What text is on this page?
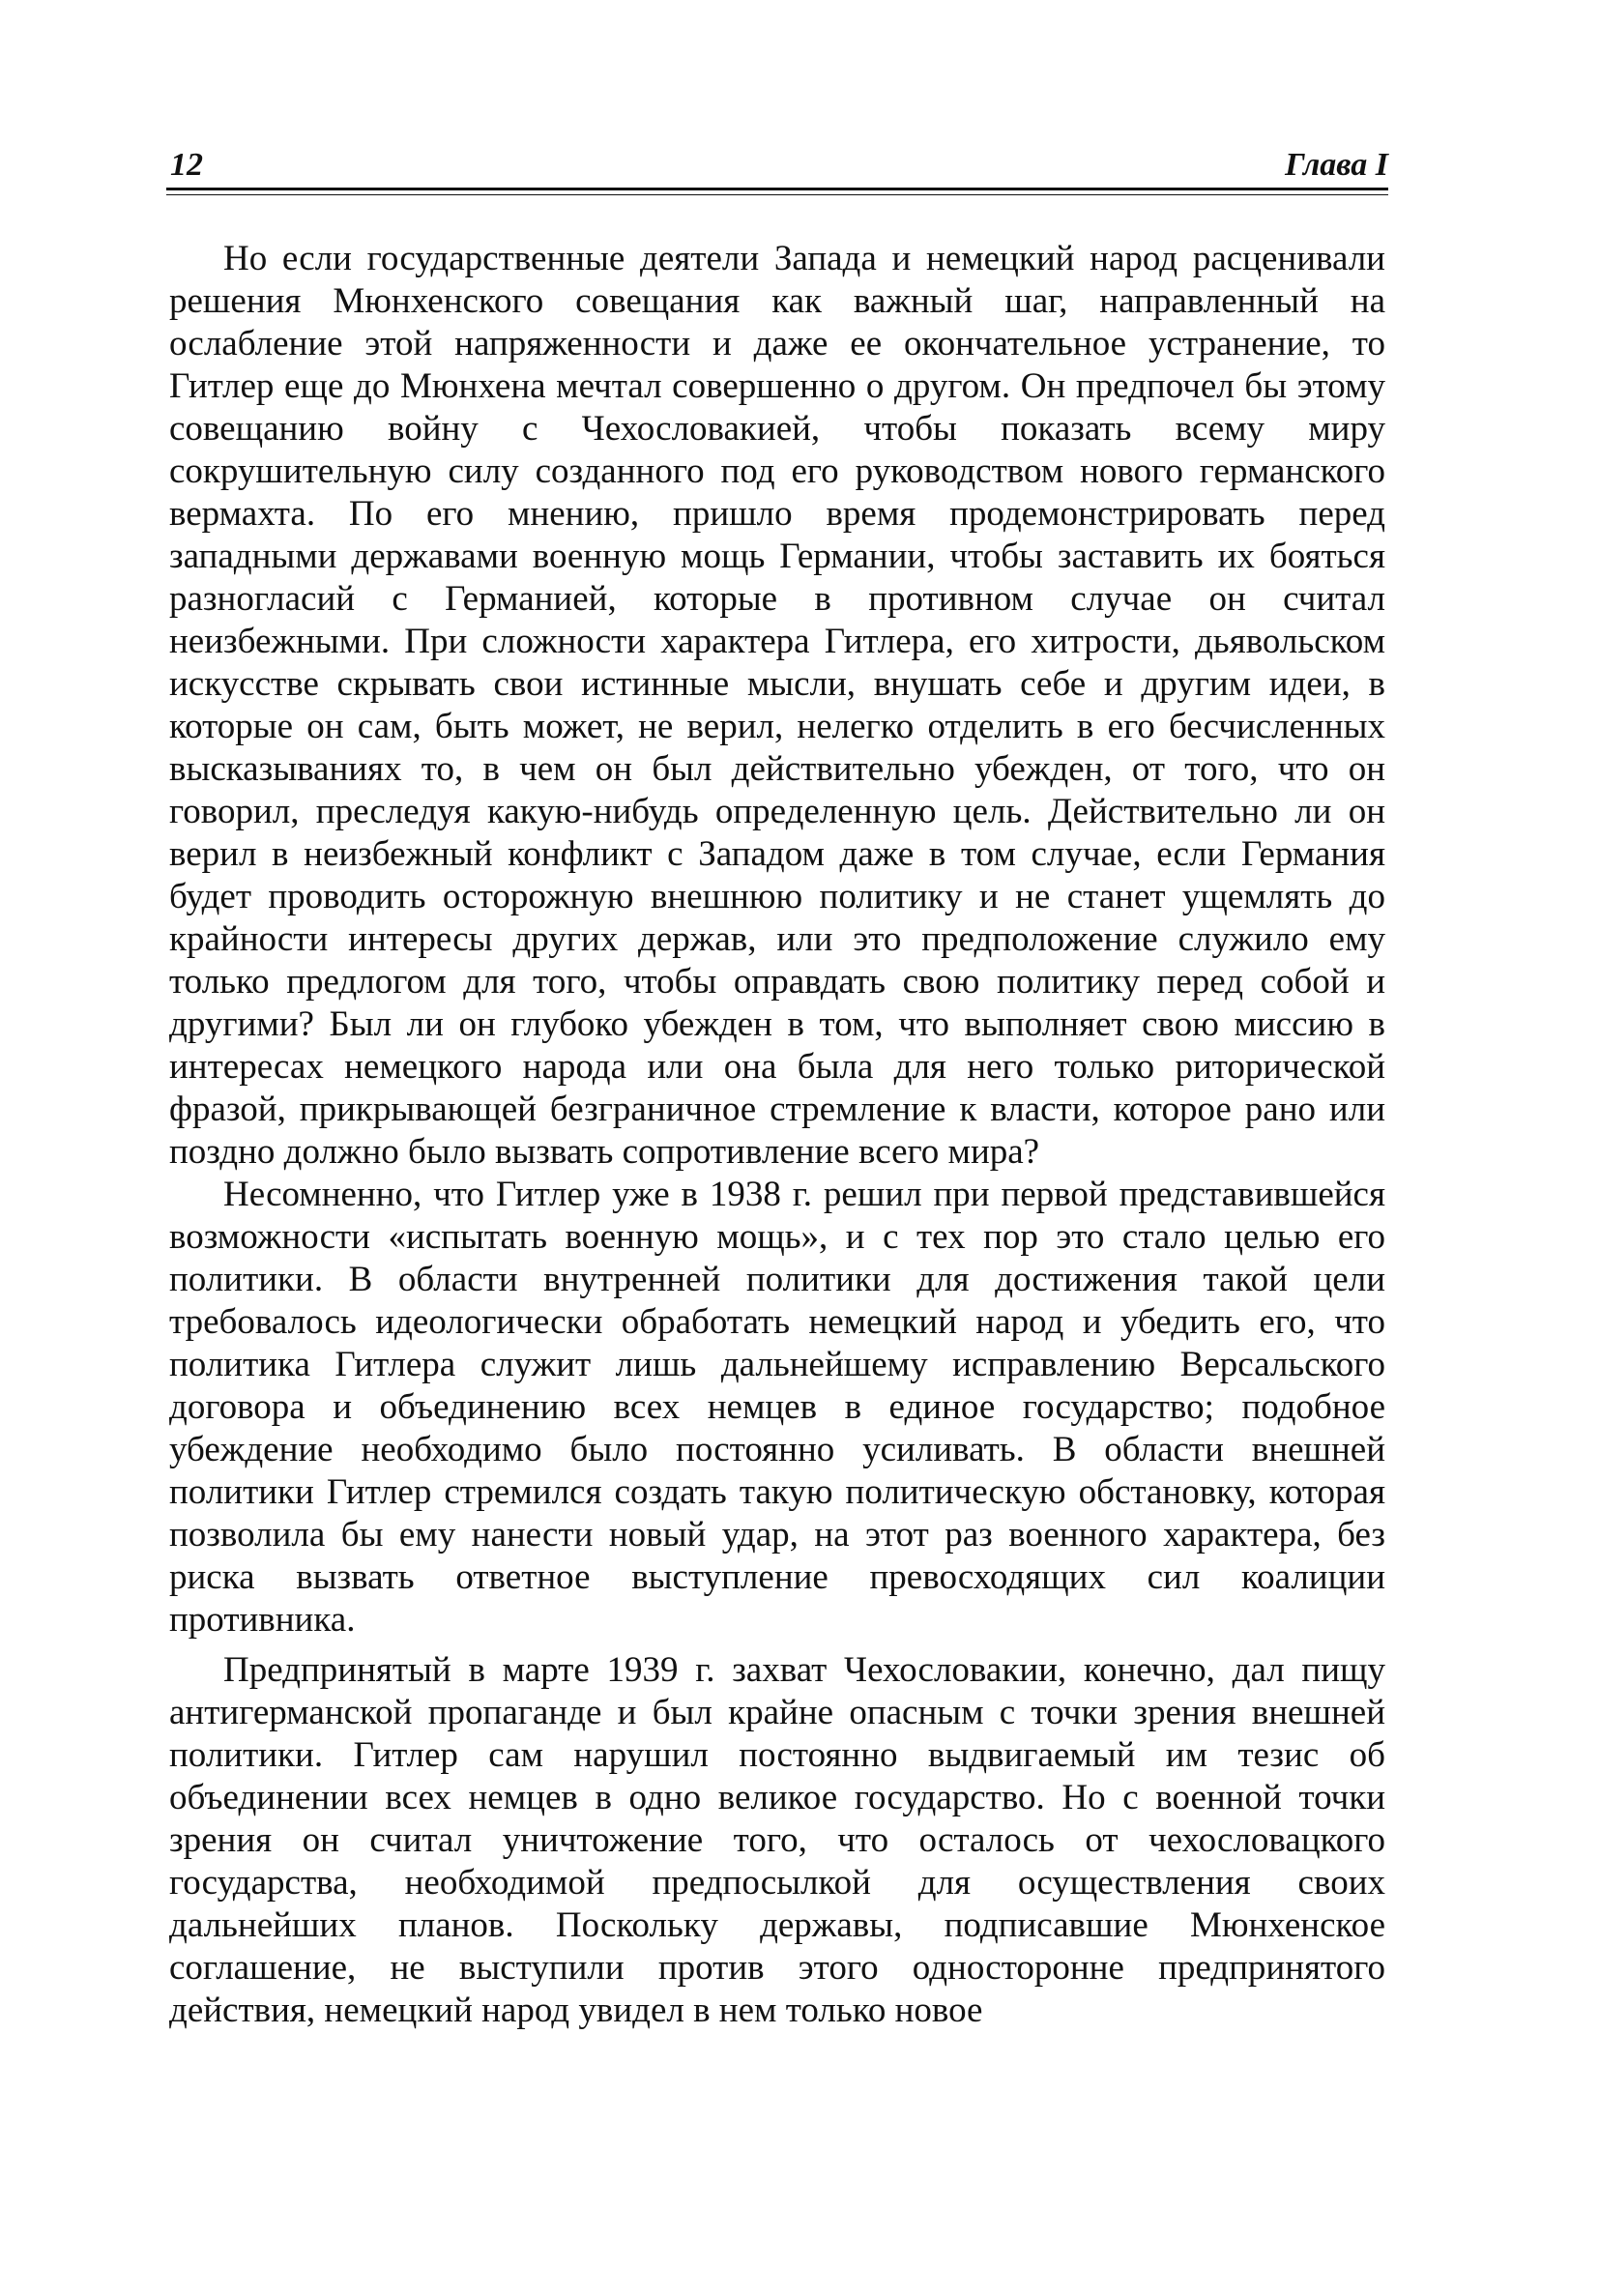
12	Глава I

Но если государственные деятели Запада и немецкий народ расценивали решения Мюнхенского совещания как важный шаг, направленный на ослабление этой напряженности и даже ее окончательное устранение, то Гитлер еще до Мюнхена мечтал совершенно о другом. Он предпочел бы этому совещанию войну с Чехословакией, чтобы показать всему миру сокрушительную силу созданного под его руководством нового германского вермахта. По его мнению, пришло время продемонстрировать перед западными державами военную мощь Германии, чтобы заставить их бояться разногласий с Германией, которые в противном случае он считал неизбежными. При сложности характера Гитлера, его хитрости, дьявольском искусстве скрывать свои истинные мысли, внушать себе и другим идеи, в которые он сам, быть может, не верил, нелегко отделить в его бесчисленных высказываниях то, в чем он был действительно убежден, от того, что он говорил, преследуя какую-нибудь определенную цель. Действительно ли он верил в неизбежный конфликт с Западом даже в том случае, если Германия будет проводить осторожную внешнюю политику и не станет ущемлять до крайности интересы других держав, или это предположение служило ему только предлогом для того, чтобы оправдать свою политику перед собой и другими? Был ли он глубоко убежден в том, что выполняет свою миссию в интересах немецкого народа или она была для него только риторической фразой, прикрывающей безграничное стремление к власти, которое рано или поздно должно было вызвать сопротивление всего мира?

Несомненно, что Гитлер уже в 1938 г. решил при первой представившейся возможности «испытать военную мощь», и с тех пор это стало целью его политики. В области внутренней политики для достижения такой цели требовалось идеологически обработать немецкий народ и убедить его, что политика Гитлера служит лишь дальнейшему исправлению Версальского договора и объединению всех немцев в единое государство; подобное убеждение необходимо было постоянно усиливать. В области внешней политики Гитлер стремился создать такую политическую обстановку, которая позволила бы ему нанести новый удар, на этот раз военного характера, без риска вызвать ответное выступление превосходящих сил коалиции противника.

Предпринятый в марте 1939 г. захват Чехословакии, конечно, дал пищу антигерманской пропаганде и был крайне опасным с точки зрения внешней политики. Гитлер сам нарушил постоянно выдвигаемый им тезис об объединении всех немцев в одно великое государство. Но с военной точки зрения он считал уничтожение того, что осталось от чехословацкого государства, необходимой предпосылкой для осуществления своих дальнейших планов. Поскольку державы, подписавшие Мюнхенское соглашение, не выступили против этого односторонне предпринятого действия, немецкий народ увидел в нем только новое
